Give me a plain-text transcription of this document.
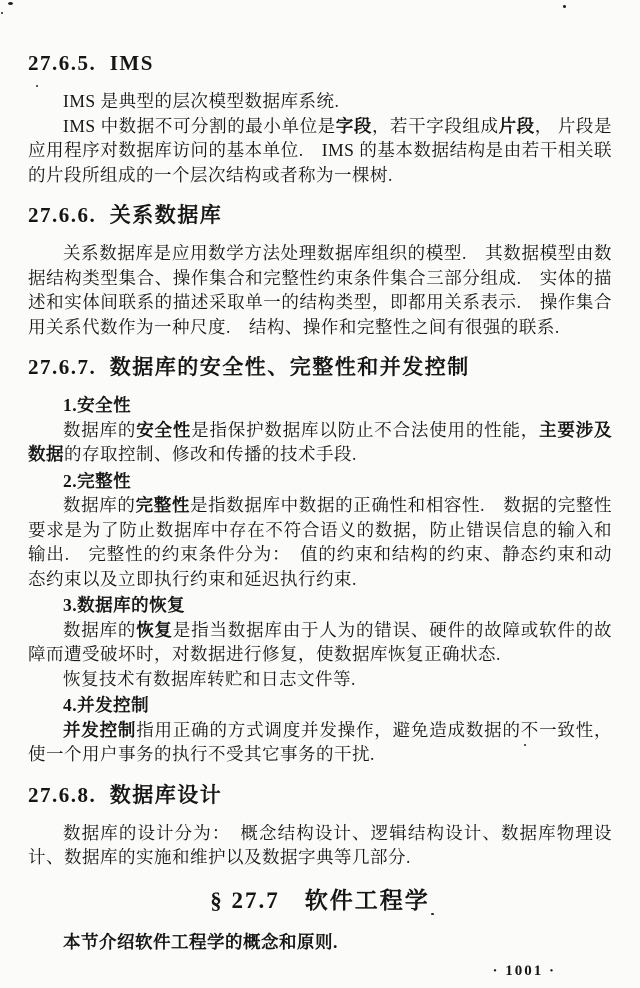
27.6.5.  IMS

IMS 是典型的层次模型数据库系统.

IMS 中数据不可分割的最小单位是字段，若干字段组成片段， 片段是应用程序对数据库访问的基本单位.　IMS 的基本数据结构是由若干相关联的片段所组成的一个层次结构或者称为一棵树.

27.6.6.  关系数据库

关系数据库是应用数学方法处理数据库组织的模型.　其数据模型由数据结构类型集合、操作集合和完整性约束条件集合三部分组成.　实体的描述和实体间联系的描述采取单一的结构类型，即都用关系表示.　操作集合用关系代数作为一种尺度.　结构、操作和完整性之间有很强的联系.

27.6.7.  数据库的安全性、完整性和并发控制

1.安全性

数据库的安全性是指保护数据库以防止不合法使用的性能，主要涉及数据的存取控制、修改和传播的技术手段.

2.完整性

数据库的完整性是指数据库中数据的正确性和相容性.　数据的完整性要求是为了防止数据库中存在不符合语义的数据，防止错误信息的输入和输出.　完整性的约束条件分为：　值的约束和结构的约束、静态约束和动态约束以及立即执行约束和延迟执行约束.

3.数据库的恢复

数据库的恢复是指当数据库由于人为的错误、硬件的故障或软件的故障而遭受破坏时，对数据进行修复，使数据库恢复正确状态.

恢复技术有数据库转贮和日志文件等.

4.并发控制

并发控制指用正确的方式调度并发操作，避免造成数据的不一致性，使一个用户事务的执行不受其它事务的干扰.

27.6.8.  数据库设计

数据库的设计分为：　概念结构设计、逻辑结构设计、数据库物理设计、数据库的实施和维护以及数据字典等几部分.

§ 27.7　软件工程学

本节介绍软件工程学的概念和原则.

· 1001 ·
